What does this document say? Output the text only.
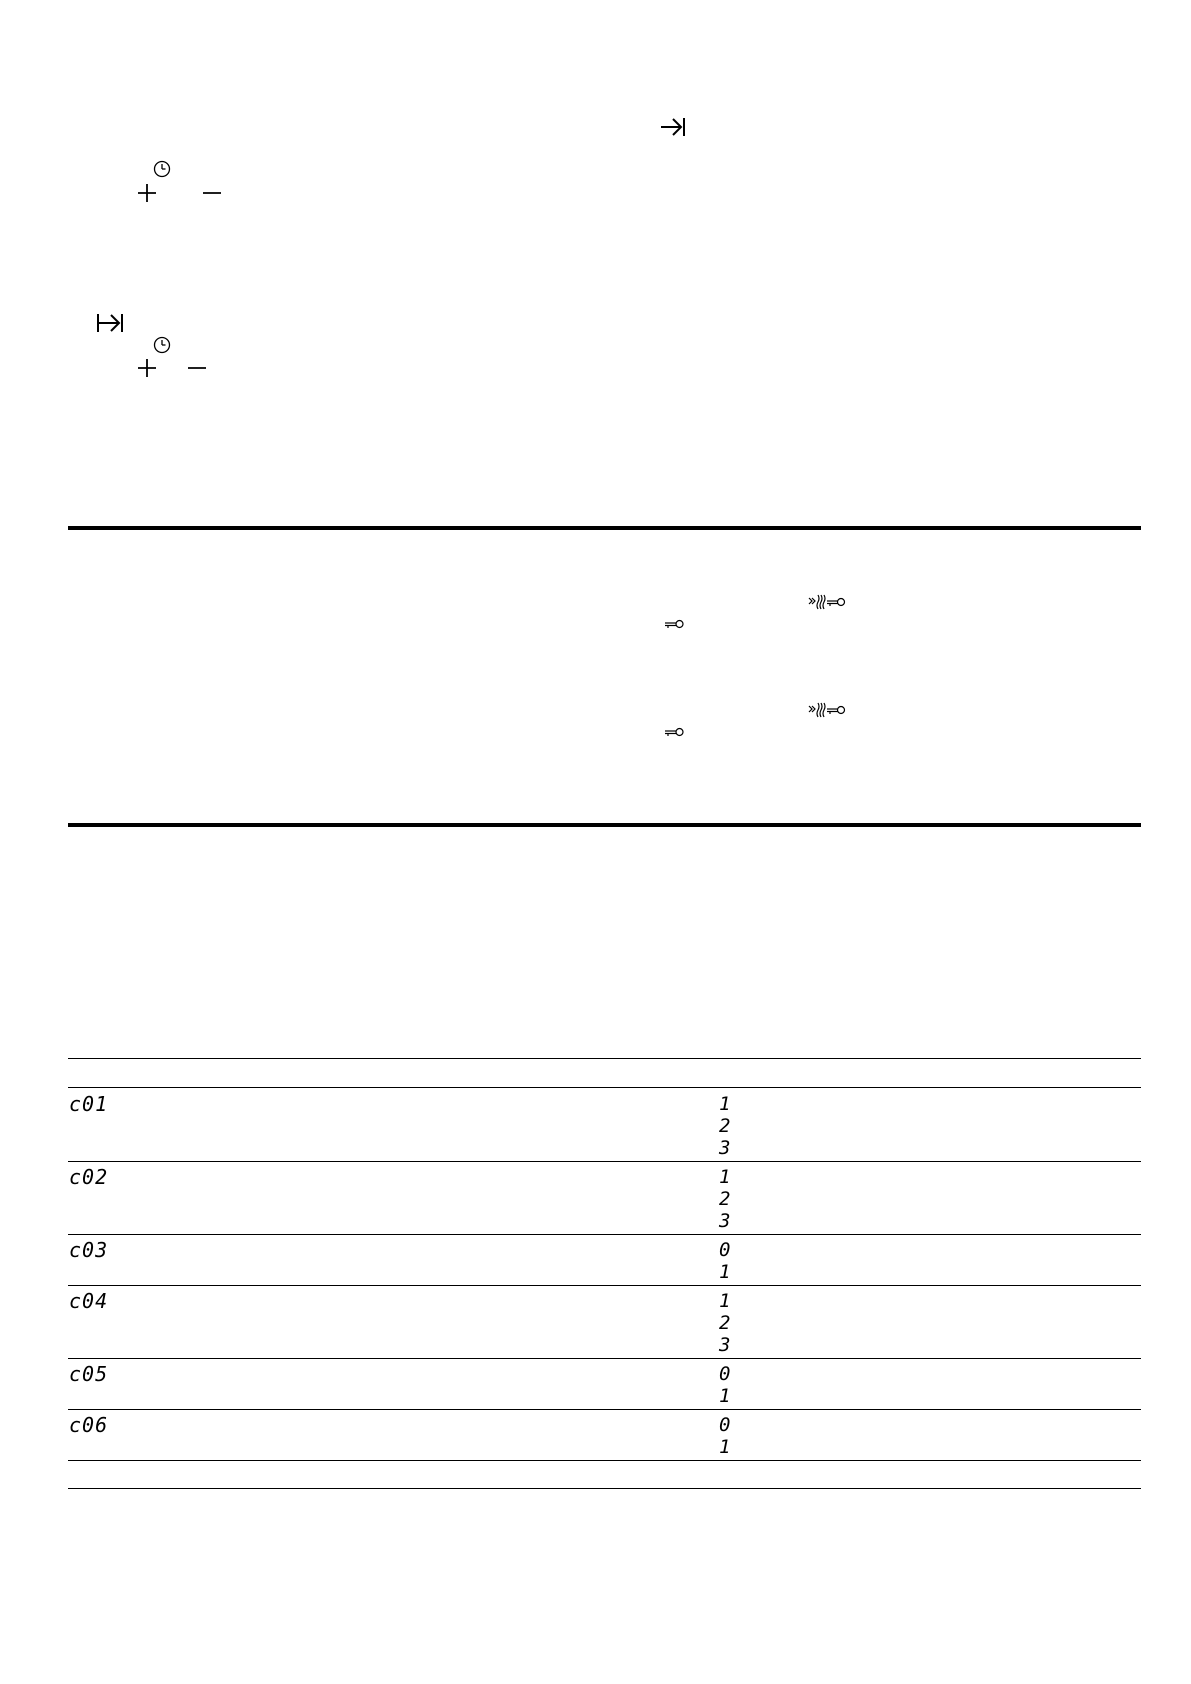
c01	1
2
3
c02	1
2
3
c03	0
1
c04	1
2
3
c05	0
1
c06	0
1
